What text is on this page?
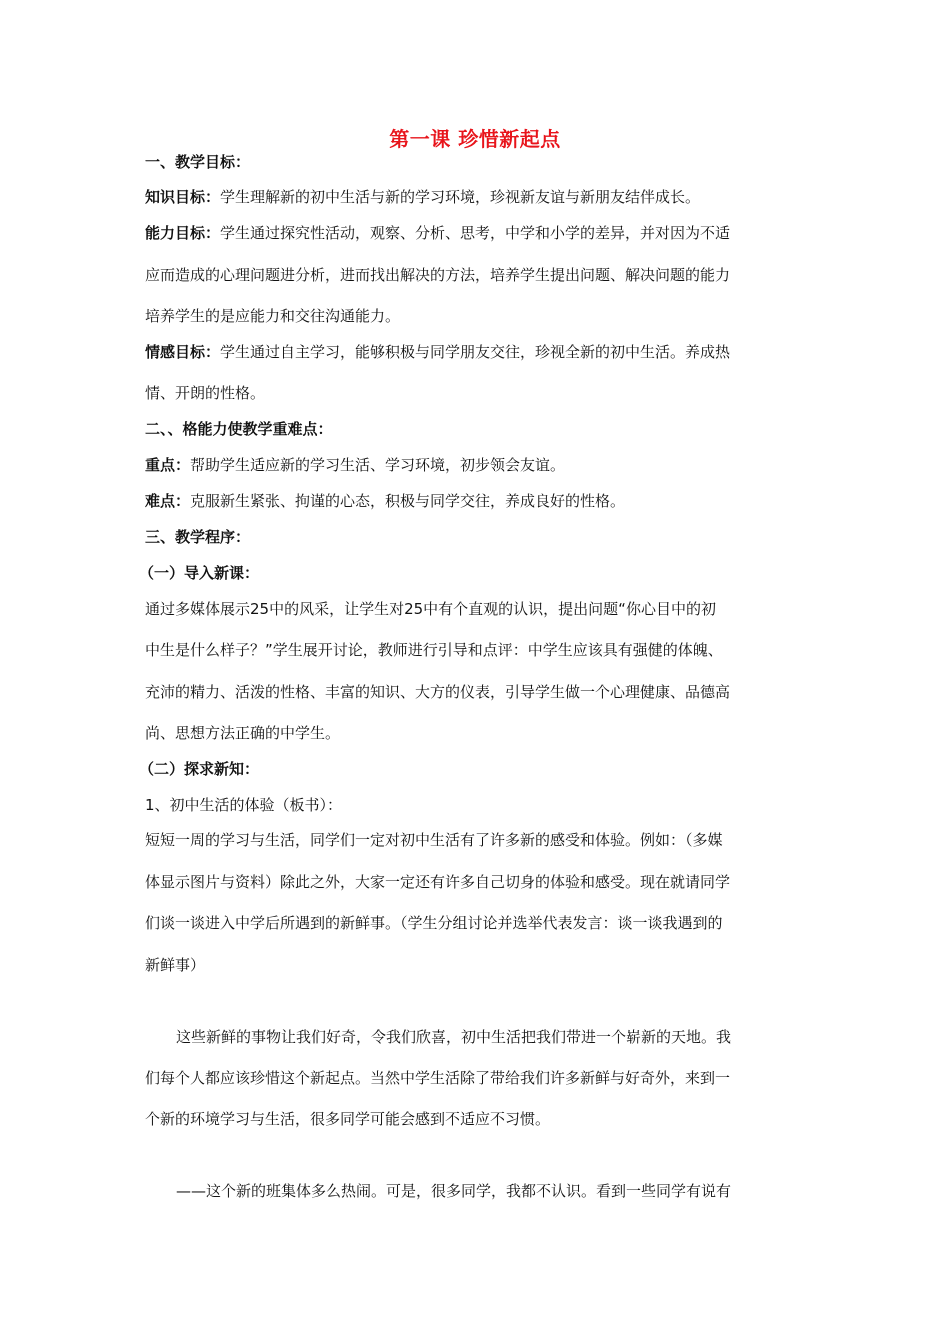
第一课 珍惜新起点
一、教学目标：
知识目标：学生理解新的初中生活与新的学习环境，珍视新友谊与新朋友结伴成长。
能力目标：学生通过探究性活动，观察、分析、思考，中学和小学的差异，并对因为不适
应而造成的心理问题进分析，进而找出解决的方法，培养学生提出问题、解决问题的能力
培养学生的是应能力和交往沟通能力。
情感目标：学生通过自主学习，能够积极与同学朋友交往，珍视全新的初中生活。养成热
情、开朗的性格。
二、、格能力使教学重难点：
重点：帮助学生适应新的学习生活、学习环境，初步领会友谊。
难点：克服新生紧张、拘谨的心态，积极与同学交往，养成良好的性格。
三、教学程序：
（一）导入新课：
通过多媒体展示25中的风采，让学生对25中有个直观的认识，提出问题“你心目中的初
中生是什么样子？”学生展开讨论，教师进行引导和点评：中学生应该具有强健的体魄、
充沛的精力、活泼的性格、丰富的知识、大方的仪表，引导学生做一个心理健康、品德高
尚、思想方法正确的中学生。
（二）探求新知：
1、初中生活的体验（板书）：
短短一周的学习与生活，同学们一定对初中生活有了许多新的感受和体验。例如：（多媒
体显示图片与资料）除此之外，大家一定还有许多自己切身的体验和感受。现在就请同学
们谈一谈进入中学后所遇到的新鲜事。（学生分组讨论并选举代表发言：谈一谈我遇到的
新鲜事）
这些新鲜的事物让我们好奇，令我们欣喜，初中生活把我们带进一个崭新的天地。我
们每个人都应该珍惜这个新起点。当然中学生活除了带给我们许多新鲜与好奇外，来到一
个新的环境学习与生活，很多同学可能会感到不适应不习惯。
——这个新的班集体多么热闹。可是，很多同学，我都不认识。看到一些同学有说有
